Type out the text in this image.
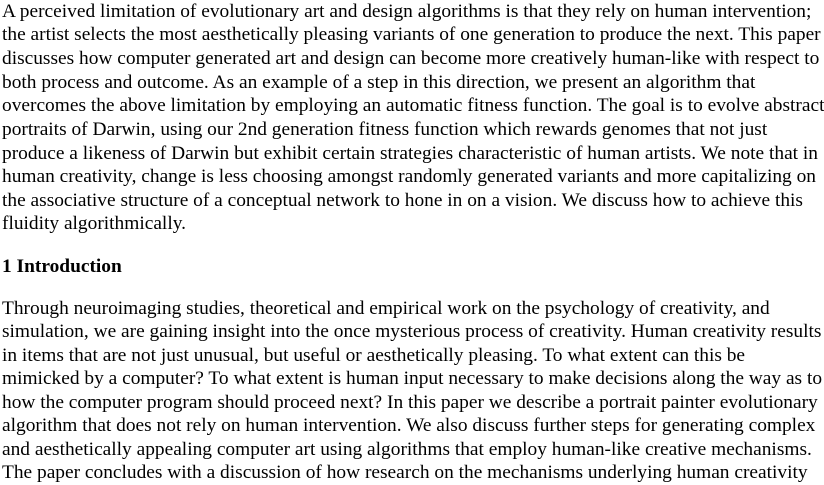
A perceived limitation of evolutionary art and design algorithms is that they rely on human intervention;
the artist selects the most aesthetically pleasing variants of one generation to produce the next. This paper
discusses how computer generated art and design can become more creatively human-like with respect to
both process and outcome. As an example of a step in this direction, we present an algorithm that
overcomes the above limitation by employing an automatic fitness function. The goal is to evolve abstract
portraits of Darwin, using our 2nd generation fitness function which rewards genomes that not just
produce a likeness of Darwin but exhibit certain strategies characteristic of human artists. We note that in
human creativity, change is less choosing amongst randomly generated variants and more capitalizing on
the associative structure of a conceptual network to hone in on a vision. We discuss how to achieve this
fluidity algorithmically.
1 Introduction
Through neuroimaging studies, theoretical and empirical work on the psychology of creativity, and
simulation, we are gaining insight into the once mysterious process of creativity. Human creativity results
in items that are not just unusual, but useful or aesthetically pleasing. To what extent can this be
mimicked by a computer? To what extent is human input necessary to make decisions along the way as to
how the computer program should proceed next? In this paper we describe a portrait painter evolutionary
algorithm that does not rely on human intervention. We also discuss further steps for generating complex
and aesthetically appealing computer art using algorithms that employ human-like creative mechanisms.
The paper concludes with a discussion of how research on the mechanisms underlying human creativity
